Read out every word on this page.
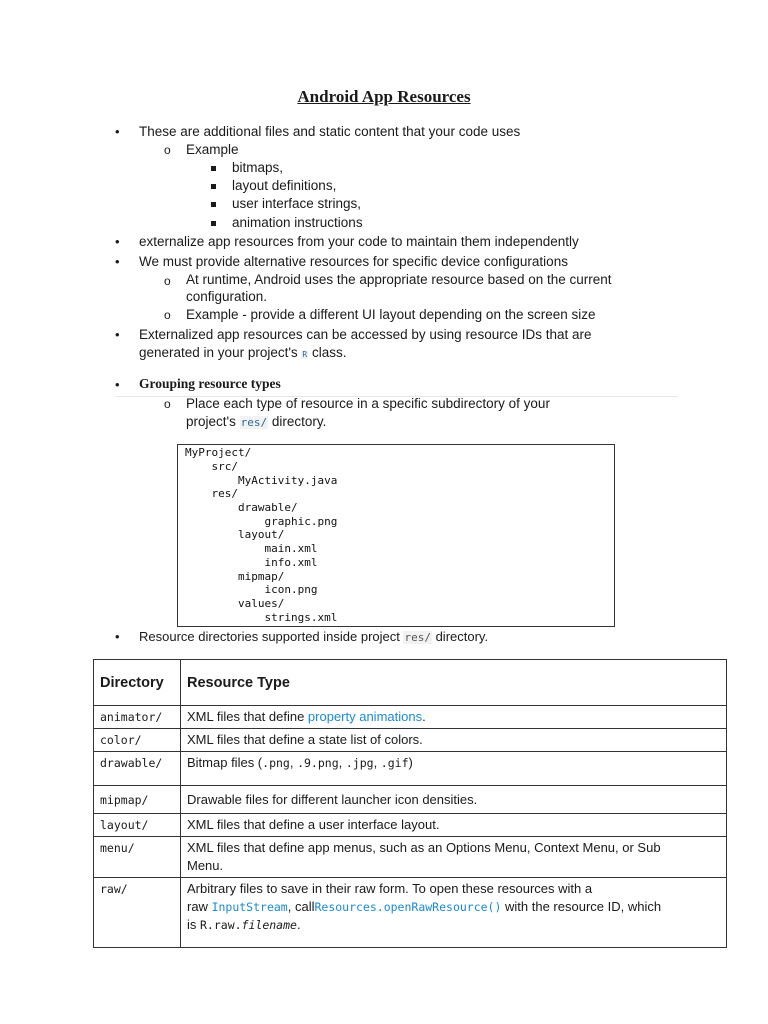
Android App Resources
• These are additional files and static content that your code uses
o Example
bitmaps,
layout definitions,
user interface strings,
animation instructions
• externalize app resources from your code to maintain them independently
• We must provide alternative resources for specific device configurations
o At runtime, Android uses the appropriate resource based on the current
configuration.
o Example - provide a different UI layout depending on the screen size
• Externalized app resources can be accessed by using resource IDs that are
generated in your project's R class.
• Grouping resource types
o Place each type of resource in a specific subdirectory of your
project's res/ directory.
MyProject/
src/
MyActivity.java
res/
drawable/
graphic.png
layout/
main.xml
info.xml
mipmap/
icon.png
values/
strings.xml
• Resource directories supported inside project res/ directory.
Directory	Resource Type
animator/	XML files that define property animations.
color/	XML files that define a state list of colors.
drawable/	Bitmap files (.png, .9.png, .jpg, .gif)
mipmap/	Drawable files for different launcher icon densities.
layout/	XML files that define a user interface layout.
menu/	XML files that define app menus, such as an Options Menu, Context Menu, or Sub
Menu.

raw/	Arbitrary files to save in their raw form. To open these resources with a
raw InputStream, callResources.openRawResource() with the resource ID, which
is R.raw.filename.
